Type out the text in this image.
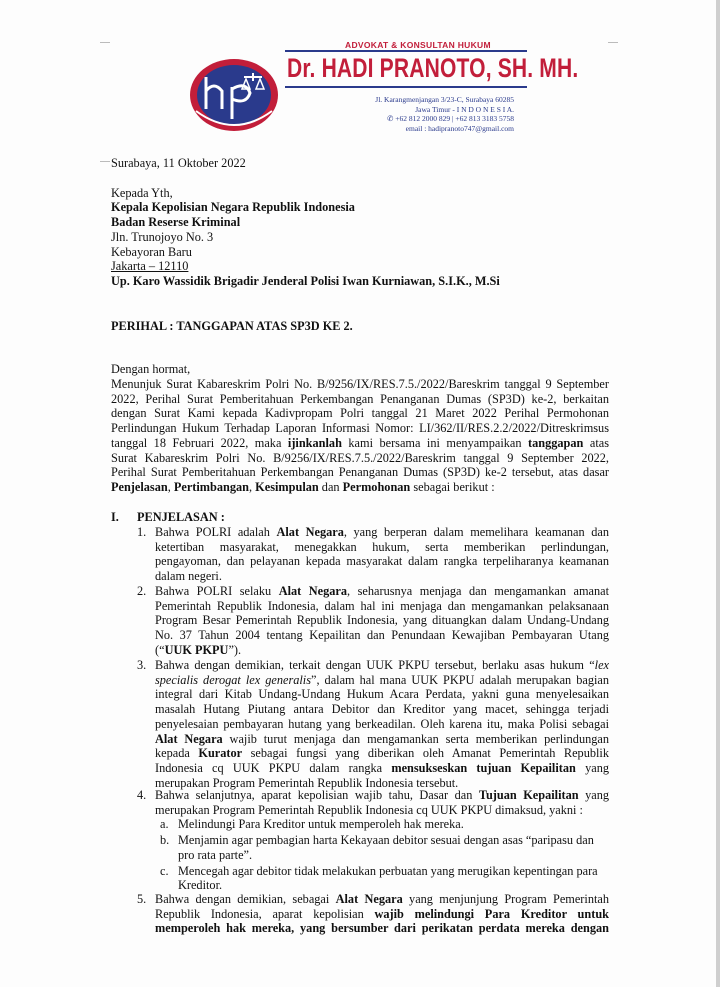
ADVOKAT & KONSULTAN HUKUM
Dr. HADI PRANOTO, SH. MH.
Jl. Karangmenjangan 3/23-C, Surabaya 60285
Jawa Timur - I N D O N E S I A.
✆ +62 812 2000 829 | +62 813 3183 5758
email : hadipranoto747@gmail.com
Surabaya, 11 Oktober 2022
Kepada Yth,
Kepala Kepolisian Negara Republik Indonesia
Badan Reserse Kriminal
Jln. Trunojoyo No. 3
Kebayoran Baru
Jakarta – 12110
Up. Karo Wassidik Brigadir Jenderal Polisi Iwan Kurniawan, S.I.K., M.Si
PERIHAL : TANGGAPAN ATAS SP3D KE 2.
Dengan hormat,
Menunjuk Surat Kabareskrim Polri No. B/9256/IX/RES.7.5./2022/Bareskrim tanggal 9 September
2022, Perihal Surat Pemberitahuan Perkembangan Penanganan Dumas (SP3D) ke-2, berkaitan
dengan Surat Kami kepada Kadivpropam Polri tanggal 21 Maret 2022 Perihal Permohonan
Perlindungan Hukum Terhadap Laporan Informasi Nomor: LI/362/II/RES.2.2/2022/Ditreskrimsus
tanggal 18 Februari 2022, maka ijinkanlah kami bersama ini menyampaikan tanggapan atas
Surat Kabareskrim Polri No. B/9256/IX/RES.7.5./2022/Bareskrim tanggal 9 September 2022,
Perihal Surat Pemberitahuan Perkembangan Penanganan Dumas (SP3D) ke-2 tersebut, atas dasar
Penjelasan, Pertimbangan, Kesimpulan dan Permohonan sebagai berikut :
I. PENJELASAN :
1. Bahwa POLRI adalah Alat Negara, yang berperan dalam memelihara keamanan dan
ketertiban masyarakat, menegakkan hukum, serta memberikan perlindungan,
pengayoman, dan pelayanan kepada masyarakat dalam rangka terpeliharanya keamanan
dalam negeri.
2. Bahwa POLRI selaku Alat Negara, seharusnya menjaga dan mengamankan amanat
Pemerintah Republik Indonesia, dalam hal ini menjaga dan mengamankan pelaksanaan
Program Besar Pemerintah Republik Indonesia, yang dituangkan dalam Undang-Undang
No. 37 Tahun 2004 tentang Kepailitan dan Penundaan Kewajiban Pembayaran Utang
(“UUK PKPU”).
3. Bahwa dengan demikian, terkait dengan UUK PKPU tersebut, berlaku asas hukum “lex
specialis derogat lex generalis”, dalam hal mana UUK PKPU adalah merupakan bagian
integral dari Kitab Undang-Undang Hukum Acara Perdata, yakni guna menyelesaikan
masalah Hutang Piutang antara Debitor dan Kreditor yang macet, sehingga terjadi
penyelesaian pembayaran hutang yang berkeadilan. Oleh karena itu, maka Polisi sebagai
Alat Negara wajib turut menjaga dan mengamankan serta memberikan perlindungan
kepada Kurator sebagai fungsi yang diberikan oleh Amanat Pemerintah Republik
Indonesia cq UUK PKPU dalam rangka mensukseskan tujuan Kepailitan yang
merupakan Program Pemerintah Republik Indonesia tersebut.
4. Bahwa selanjutnya, aparat kepolisian wajib tahu, Dasar dan Tujuan Kepailitan yang
merupakan Program Pemerintah Republik Indonesia cq UUK PKPU dimaksud, yakni :
a. Melindungi Para Kreditor untuk memperoleh hak mereka.
b. Menjamin agar pembagian harta Kekayaan debitor sesuai dengan asas “paripasu dan
pro rata parte”.
c. Mencegah agar debitor tidak melakukan perbuatan yang merugikan kepentingan para
Kreditor.
5. Bahwa dengan demikian, sebagai Alat Negara yang menjunjung Program Pemerintah
Republik Indonesia, aparat kepolisian wajib melindungi Para Kreditor untuk
memperoleh hak mereka, yang bersumber dari perikatan perdata mereka dengan
